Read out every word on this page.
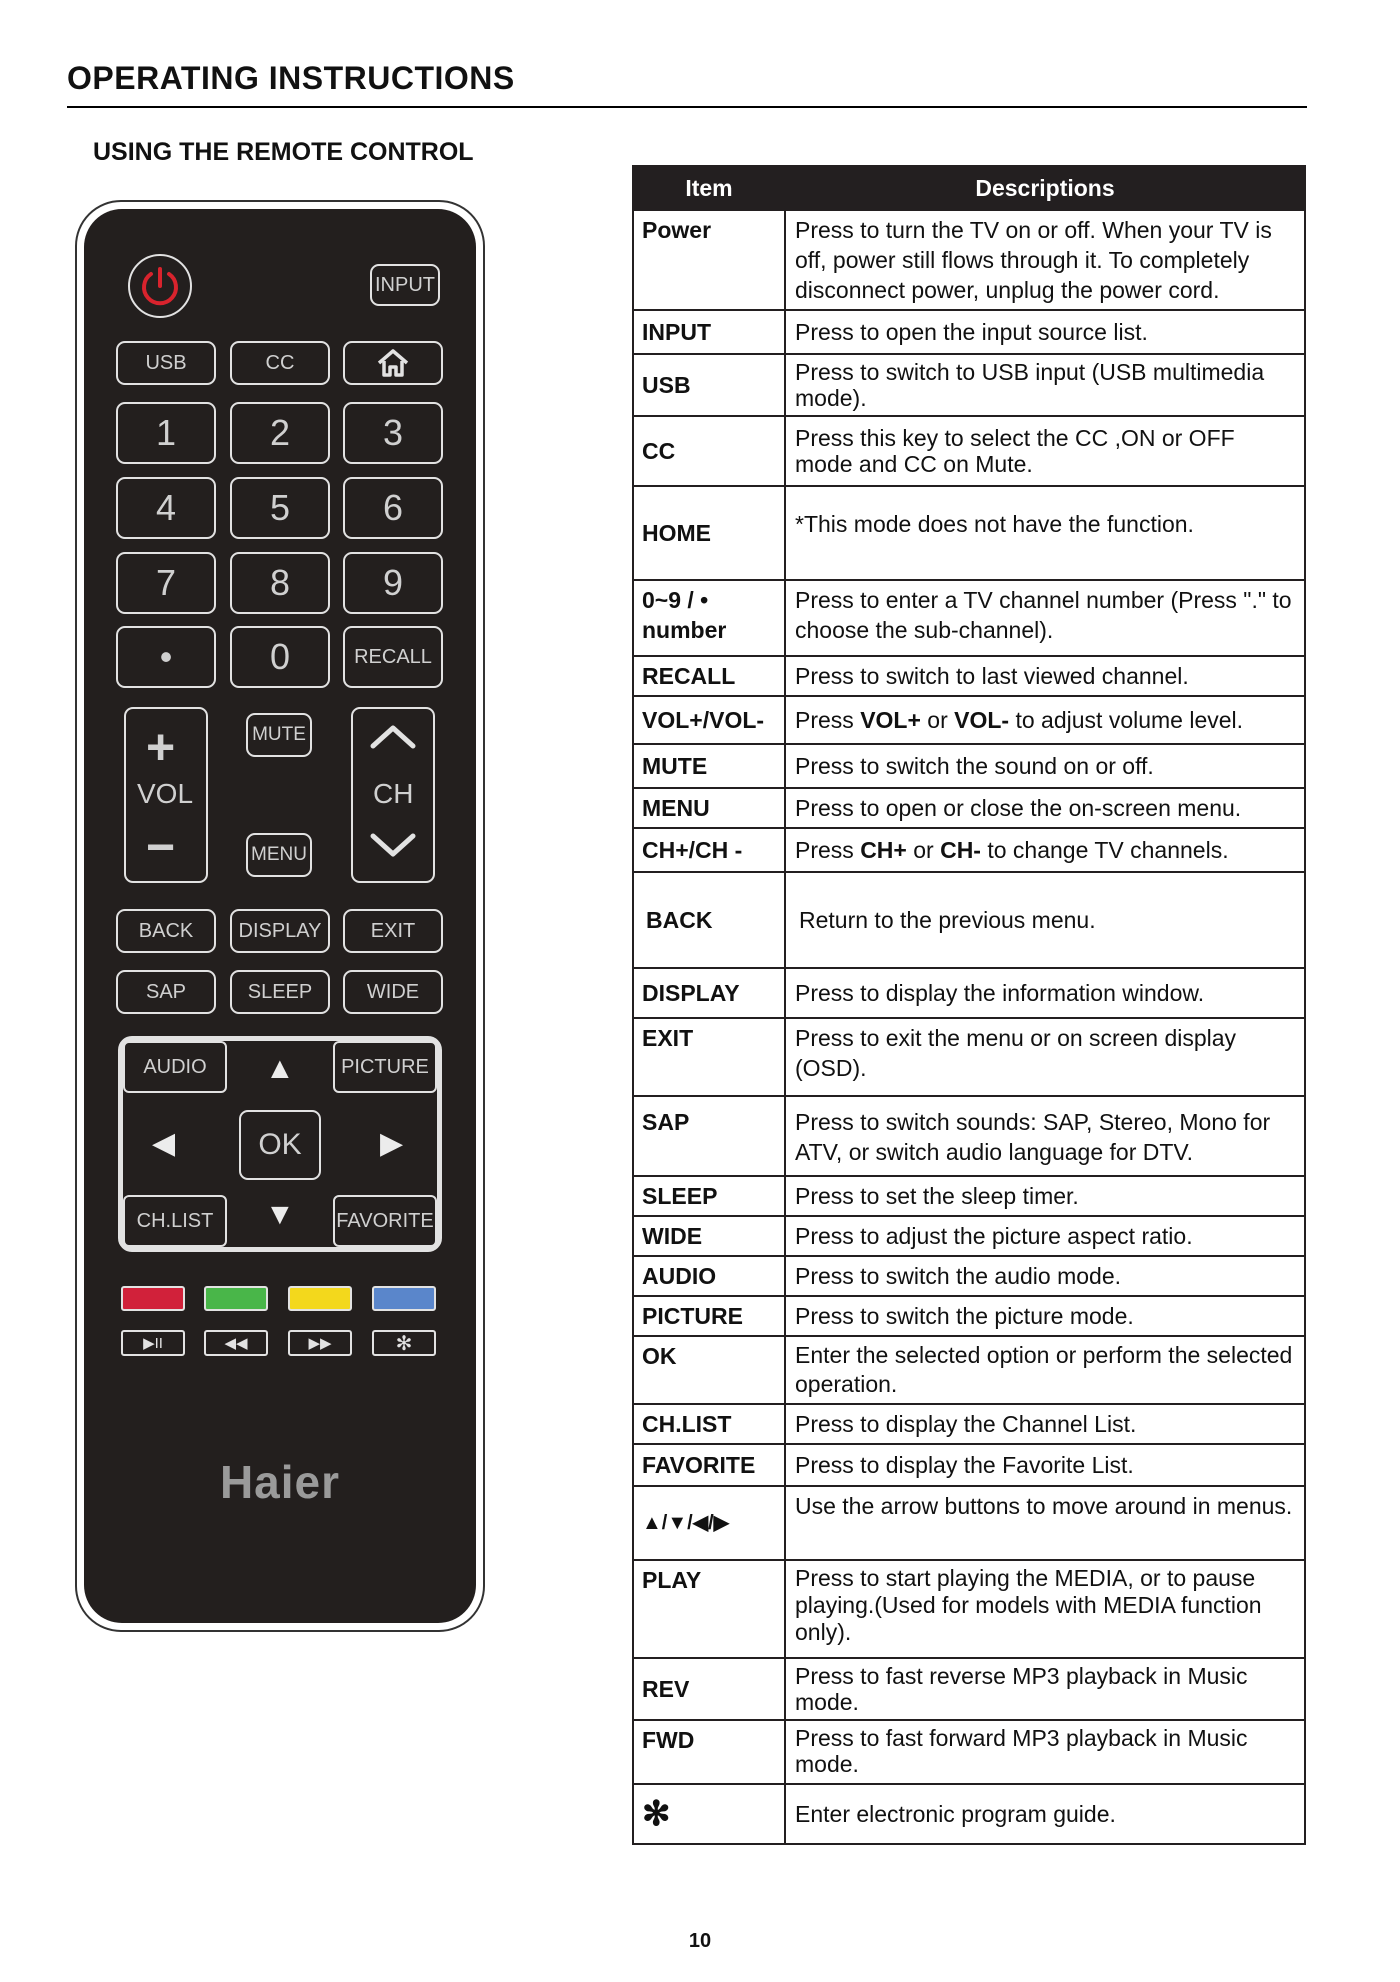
OPERATING INSTRUCTIONS
USING THE REMOTE CONTROL
INPUT
USB	CC
1	2	3
4	5	6
7	8	9
•	0	RECALL
+
VOL
−
MUTE
MENU
CH
BACK	DISPLAY	EXIT
SAP	SLEEP	WIDE
AUDIO	PICTURE
CH.LIST	FAVORITE
OK
▲
▼
◀	▶
▶II	◀◀	▶▶	✻
Haier
Item	Descriptions
Power	Press to turn the TV on or off. When your TV is off, power still flows through it. To completely disconnect power, unplug the power cord.
INPUT	Press to open the input source list.
USB	Press to switch to USB input (USB multimedia mode).
CC	Press this key to select the CC ,ON or OFF mode and CC on Mute.
HOME	*This mode does not have the function.
0~9 / • number	Press to enter a TV channel number (Press "." to choose the sub-channel).
RECALL	Press to switch to last viewed channel.
VOL+/VOL-	Press VOL+ or VOL- to adjust volume level.
MUTE	Press to switch the sound on or off.
MENU	Press to open or close the on-screen menu.
CH+/CH -	Press CH+ or CH- to change TV channels.
BACK	Return to the previous menu.
DISPLAY	Press to display the information window.
EXIT	Press to exit the menu or on screen display (OSD).
SAP	Press to switch sounds: SAP, Stereo, Mono for ATV, or switch audio language for DTV.
SLEEP	Press to set the sleep timer.
WIDE	Press to adjust the picture aspect ratio.
AUDIO	Press to switch the audio mode.
PICTURE	Press to switch the picture mode.
OK	Enter the selected option or perform the selected operation.
CH.LIST	Press to display the Channel List.
FAVORITE	Press to display the Favorite List.
▲/▼/◀/▶	Use the arrow buttons to move around in menus.
PLAY	Press to start playing the MEDIA, or to pause playing.(Used for models with MEDIA function only).
REV	Press to fast reverse MP3 playback in Music mode.
FWD	Press to fast forward MP3 playback in Music mode.
✻	Enter electronic program guide.
10
